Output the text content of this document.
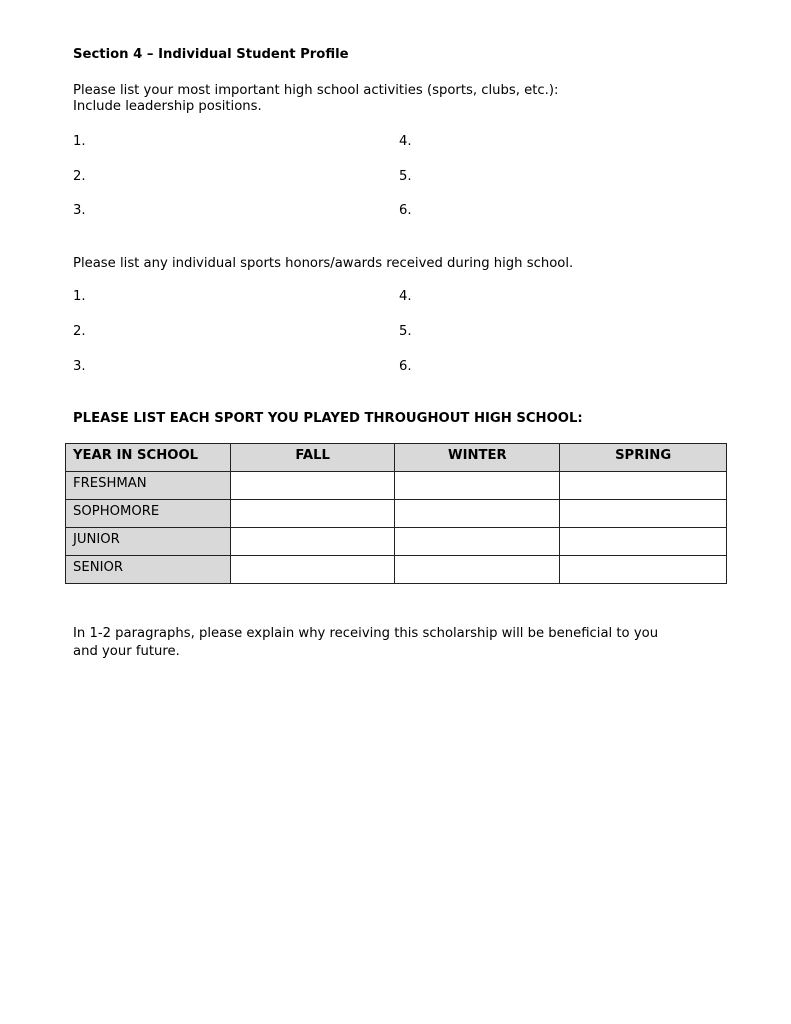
Section 4 – Individual Student Profile
Please list your most important high school activities (sports, clubs, etc.):
Include leadership positions.
1.
2.
3.
4.
5.
6.
Please list any individual sports honors/awards received during high school.
1.
2.
3.
4.
5.
6.
PLEASE LIST EACH SPORT YOU PLAYED THROUGHOUT HIGH SCHOOL:
YEAR IN SCHOOL	FALL	WINTER	SPRING
FRESHMAN			
SOPHOMORE			
JUNIOR			
SENIOR			
In 1-2 paragraphs, please explain why receiving this scholarship will be beneficial to you
and your future.
